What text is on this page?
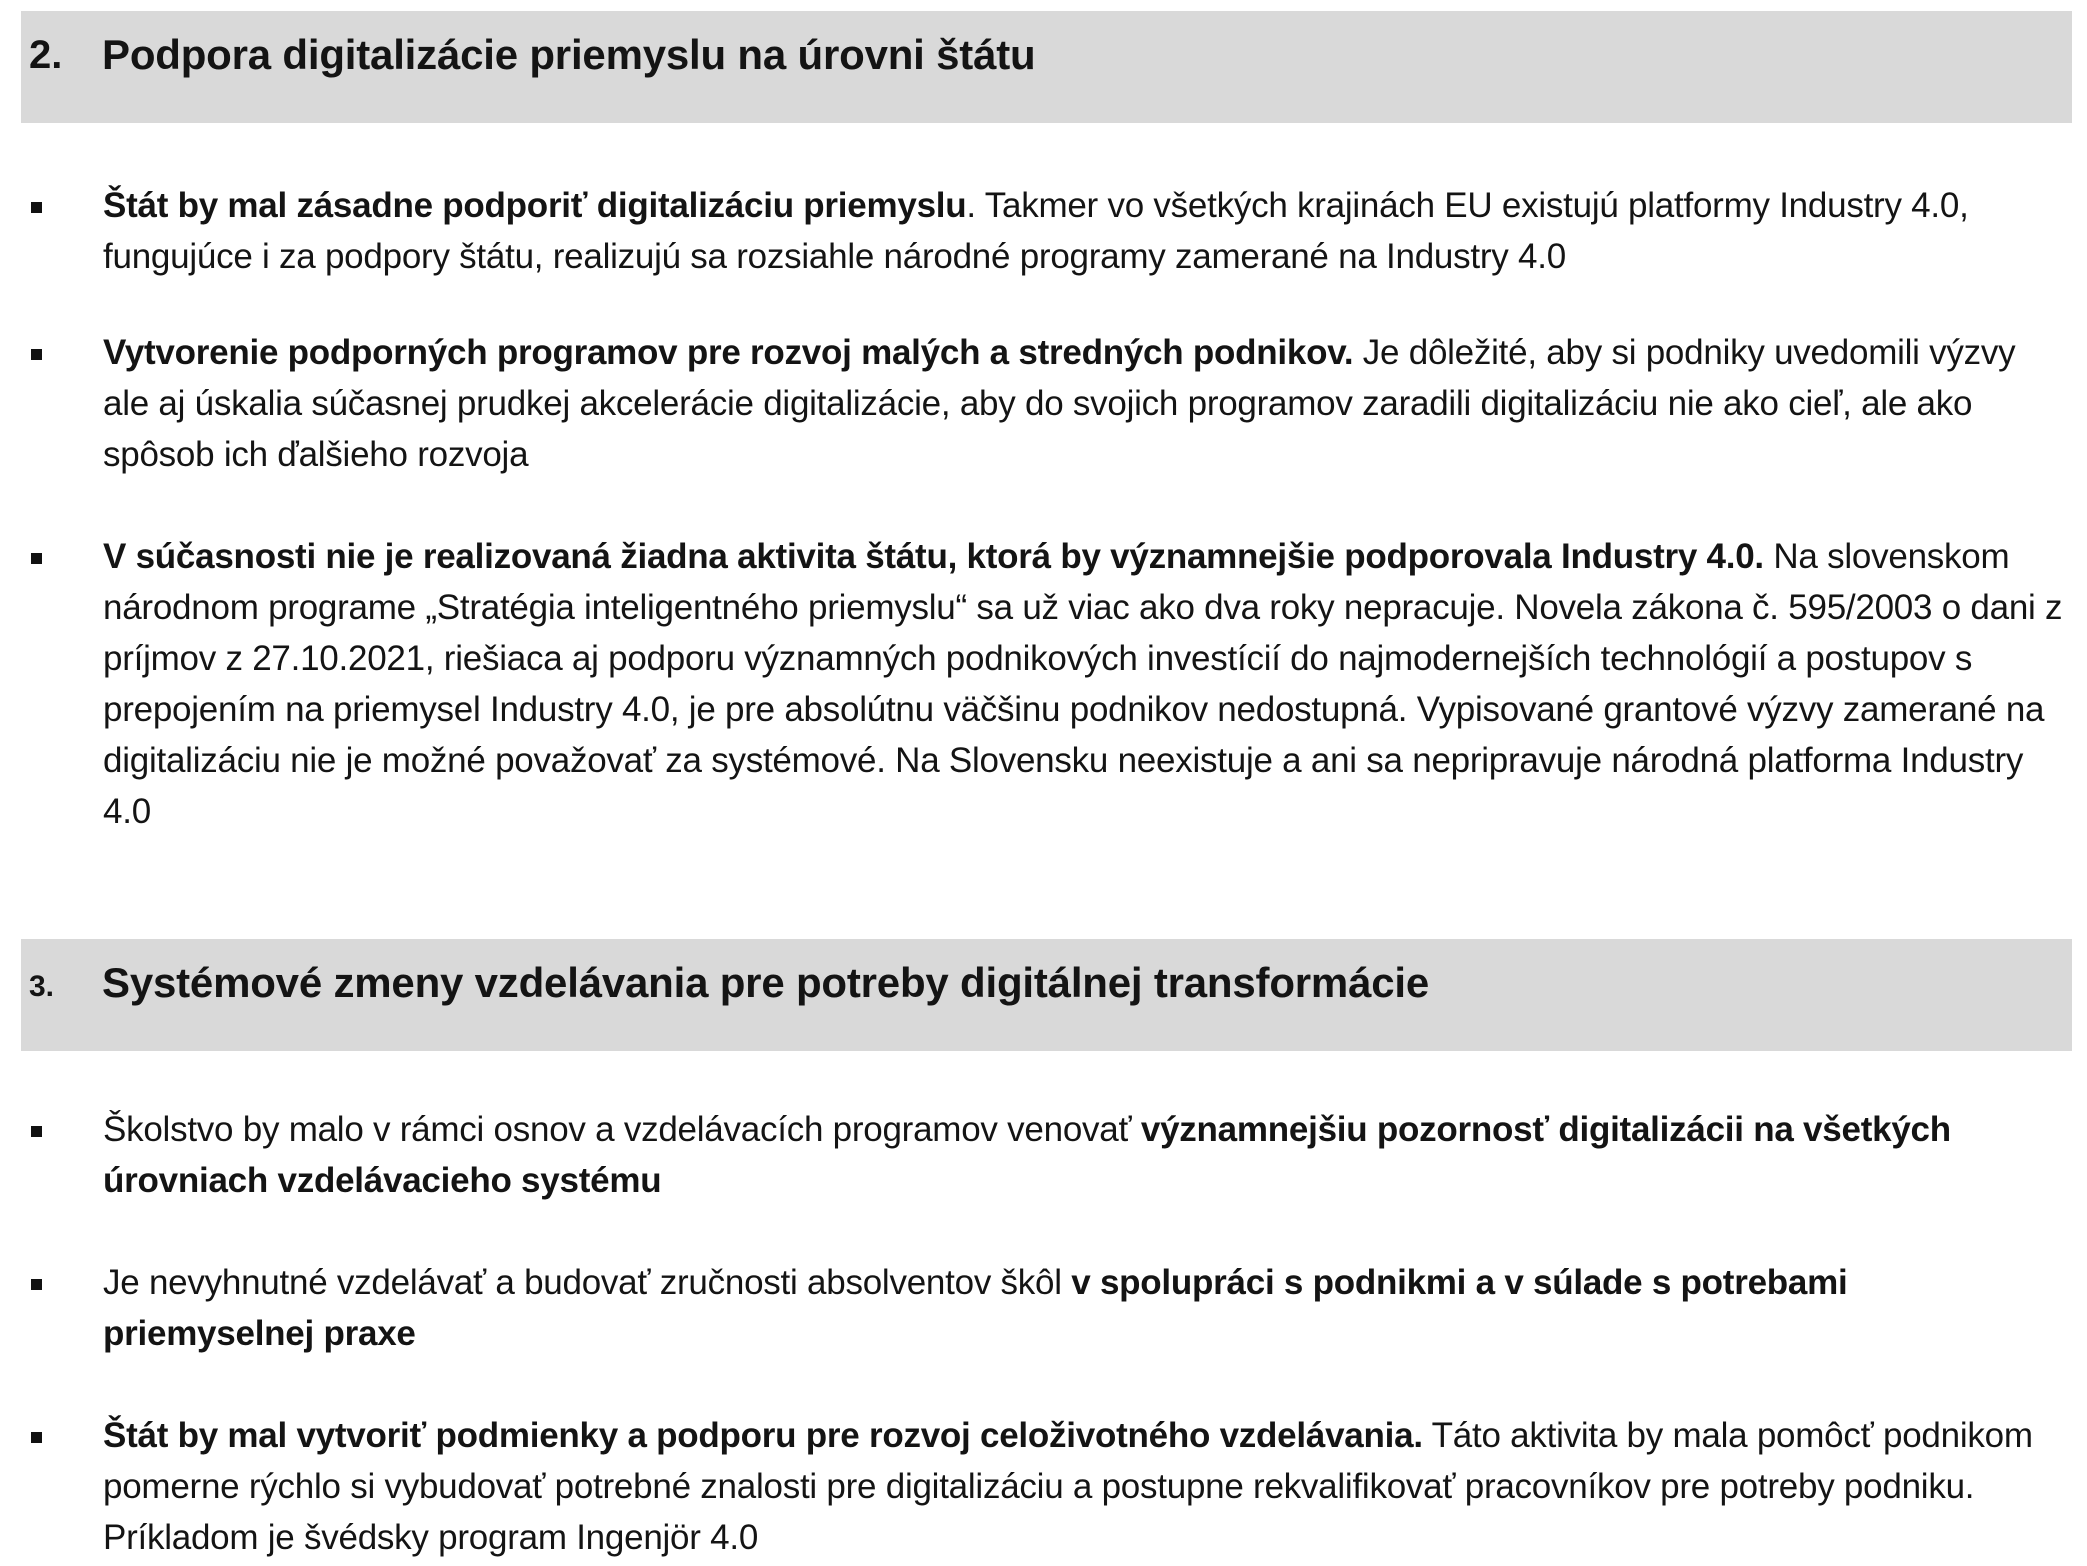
2. Podpora digitalizácie priemyslu na úrovni štátu
Štát by mal zásadne podporiť digitalizáciu priemyslu. Takmer vo všetkých krajinách EU existujú platformy Industry 4.0, fungujúce i za podpory štátu, realizujú sa rozsiahle národné programy zamerané na Industry 4.0
Vytvorenie podporných programov pre rozvoj malých a stredných podnikov. Je dôležité, aby si podniky uvedomili výzvy ale aj úskalia súčasnej prudkej akcelerácie digitalizácie, aby do svojich programov zaradili digitalizáciu nie ako cieľ, ale ako spôsob ich ďalšieho rozvoja
V súčasnosti nie je realizovaná žiadna aktivita štátu, ktorá by významnejšie podporovala Industry 4.0. Na slovenskom národnom programe „Stratégia inteligentného priemyslu“ sa už viac ako dva roky nepracuje. Novela zákona č. 595/2003 o dani z príjmov z 27.10.2021, riešiaca aj podporu významných podnikových investícií do najmodernejších technológií a postupov s prepojením na priemysel Industry 4.0, je pre absolútnu väčšinu podnikov nedostupná. Vypisované grantové výzvy zamerané na digitalizáciu nie je možné považovať za systémové. Na Slovensku neexistuje a ani sa nepripravuje národná platforma Industry 4.0
3. Systémové zmeny vzdelávania pre potreby digitálnej transformácie
Školstvo by malo v rámci osnov a vzdelávacích programov venovať významnejšiu pozornosť digitalizácii na všetkých úrovniach vzdelávacieho systému
Je nevyhnutné vzdelávať a budovať zručnosti absolventov škôl v spolupráci s podnikmi a v súlade s potrebami priemyselnej praxe
Štát by mal vytvoriť podmienky a podporu pre rozvoj celoživotného vzdelávania. Táto aktivita by mala pomôcť podnikom pomerne rýchlo si vybudovať potrebné znalosti pre digitalizáciu a postupne rekvalifikovať pracovníkov pre potreby podniku. Príkladom je švédsky program Ingenjör 4.0
